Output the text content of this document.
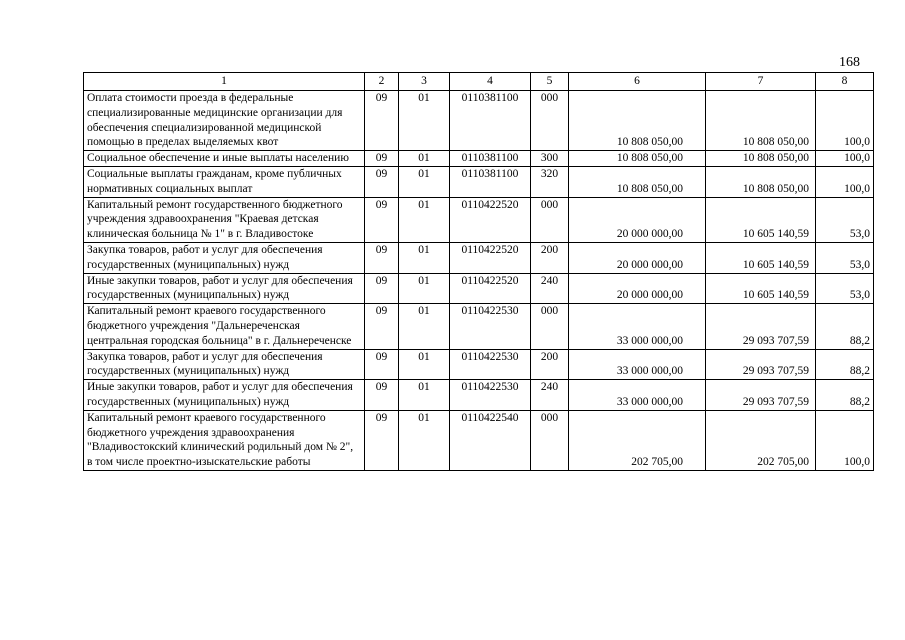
168
1	2	3	4	5	6	7	8
Оплата стоимости проезда в федеральные специализированные медицинские организации для обеспечения специализированной медицинской помощью в пределах выделяемых квот	09	01	0110381100	000	10 808 050,00	10 808 050,00	100,0
Социальное обеспечение и иные выплаты населению	09	01	0110381100	300	10 808 050,00	10 808 050,00	100,0
Социальные выплаты гражданам, кроме публичных нормативных социальных выплат	09	01	0110381100	320	10 808 050,00	10 808 050,00	100,0
Капитальный ремонт государственного бюджетного учреждения здравоохранения "Краевая детская клиническая больница № 1" в г. Владивостоке	09	01	0110422520	000	20 000 000,00	10 605 140,59	53,0
Закупка товаров, работ и услуг для обеспечения государственных (муниципальных) нужд	09	01	0110422520	200	20 000 000,00	10 605 140,59	53,0
Иные закупки товаров, работ и услуг для обеспечения государственных (муниципальных) нужд	09	01	0110422520	240	20 000 000,00	10 605 140,59	53,0
Капитальный ремонт краевого государственного бюджетного учреждения "Дальнереченская центральная городская больница" в г. Дальнереченске	09	01	0110422530	000	33 000 000,00	29 093 707,59	88,2
Закупка товаров, работ и услуг для обеспечения государственных (муниципальных) нужд	09	01	0110422530	200	33 000 000,00	29 093 707,59	88,2
Иные закупки товаров, работ и услуг для обеспечения государственных (муниципальных) нужд	09	01	0110422530	240	33 000 000,00	29 093 707,59	88,2
Капитальный ремонт краевого государственного бюджетного учреждения здравоохранения "Владивостокский клинический родильный дом № 2", в том числе проектно-изыскательские работы	09	01	0110422540	000	202 705,00	202 705,00	100,0
